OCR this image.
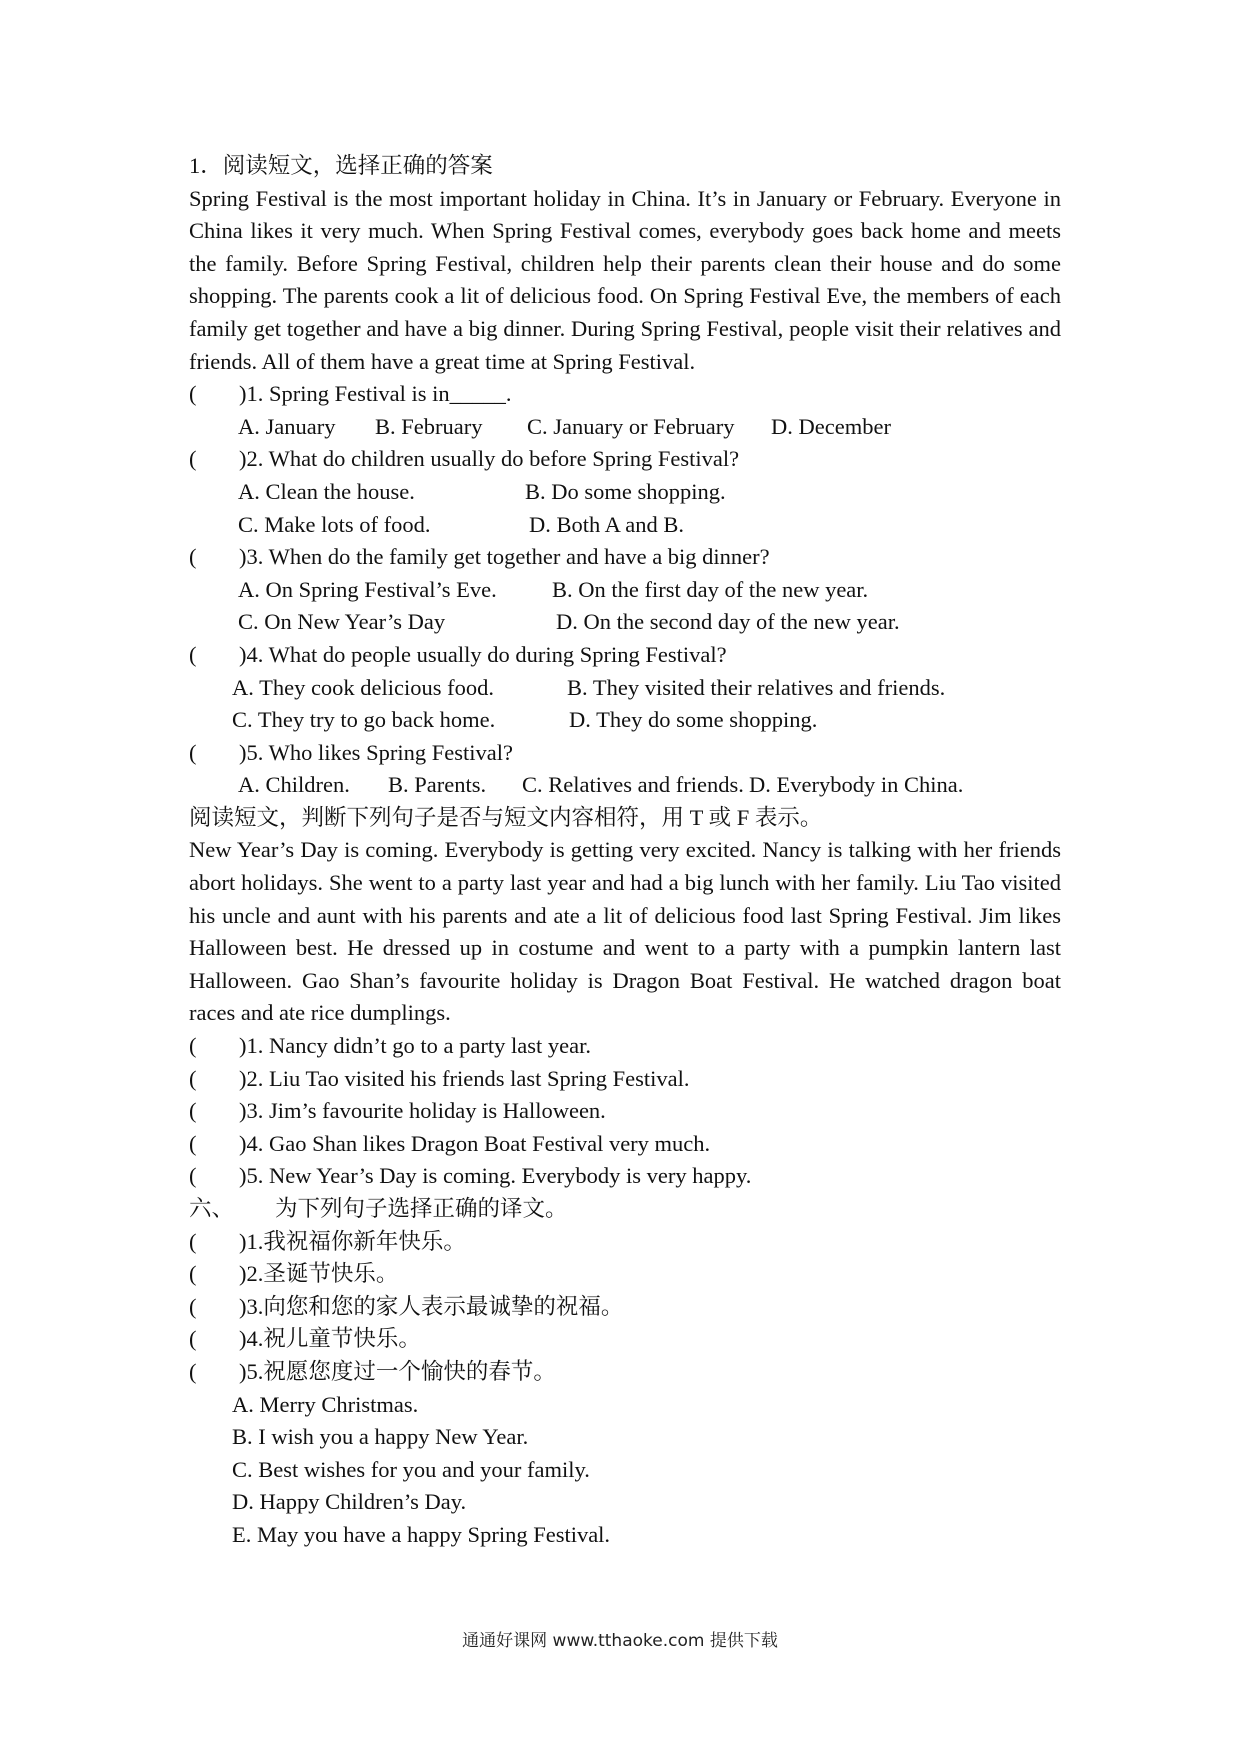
1．阅读短文，选择正确的答案

Spring Festival is the most important holiday in China. It’s in January or February. Everyone in China likes it very much. When Spring Festival comes, everybody goes back home and meets the family. Before Spring Festival, children help their parents clean their house and do some shopping. The parents cook a lit of delicious food. On Spring Festival Eve, the members of each family get together and have a big dinner. During Spring Festival, people visit their relatives and friends. All of them have a great time at Spring Festival.

( )1. Spring Festival is in_____.
A. January B. February C. January or February D. December
( )2. What do children usually do before Spring Festival?
A. Clean the house.	B. Do some shopping.
C. Make lots of food.	D. Both A and B.
( )3. When do the family get together and have a big dinner?
A. On Spring Festival’s Eve. B. On the first day of the new year.
C. On New Year’s Day	D. On the second day of the new year.
( )4. What do people usually do during Spring Festival?
A. They cook delicious food.	B. They visited their relatives and friends.
C. They try to go back home.	D. They do some shopping.
( )5. Who likes Spring Festival?
A. Children. B. Parents. C. Relatives and friends. D. Everybody in China.
阅读短文，判断下列句子是否与短文内容相符，用 T 或 F 表示。

New Year’s Day is coming. Everybody is getting very excited. Nancy is talking with her friends abort holidays. She went to a party last year and had a big lunch with her family. Liu Tao visited his uncle and aunt with his parents and ate a lit of delicious food last Spring Festival. Jim likes Halloween best. He dressed up in costume and went to a party with a pumpkin lantern last Halloween. Gao Shan’s favourite holiday is Dragon Boat Festival. He watched dragon boat races and ate rice dumplings.

( )1. Nancy didn’t go to a party last year.
( )2. Liu Tao visited his friends last Spring Festival.
( )3. Jim’s favourite holiday is Halloween.
( )4. Gao Shan likes Dragon Boat Festival very much.
( )5. New Year’s Day is coming. Everybody is very happy.
六、 为下列句子选择正确的译文。
( )1.我祝福你新年快乐。
( )2.圣诞节快乐。
( )3.向您和您的家人表示最诚挚的祝福。
( )4.祝儿童节快乐。
( )5.祝愿您度过一个愉快的春节。
A. Merry Christmas.
B. I wish you a happy New Year.
C. Best wishes for you and your family.
D. Happy Children’s Day.
E. May you have a happy Spring Festival.
通通好课网 www.tthaoke.com 提供下载
